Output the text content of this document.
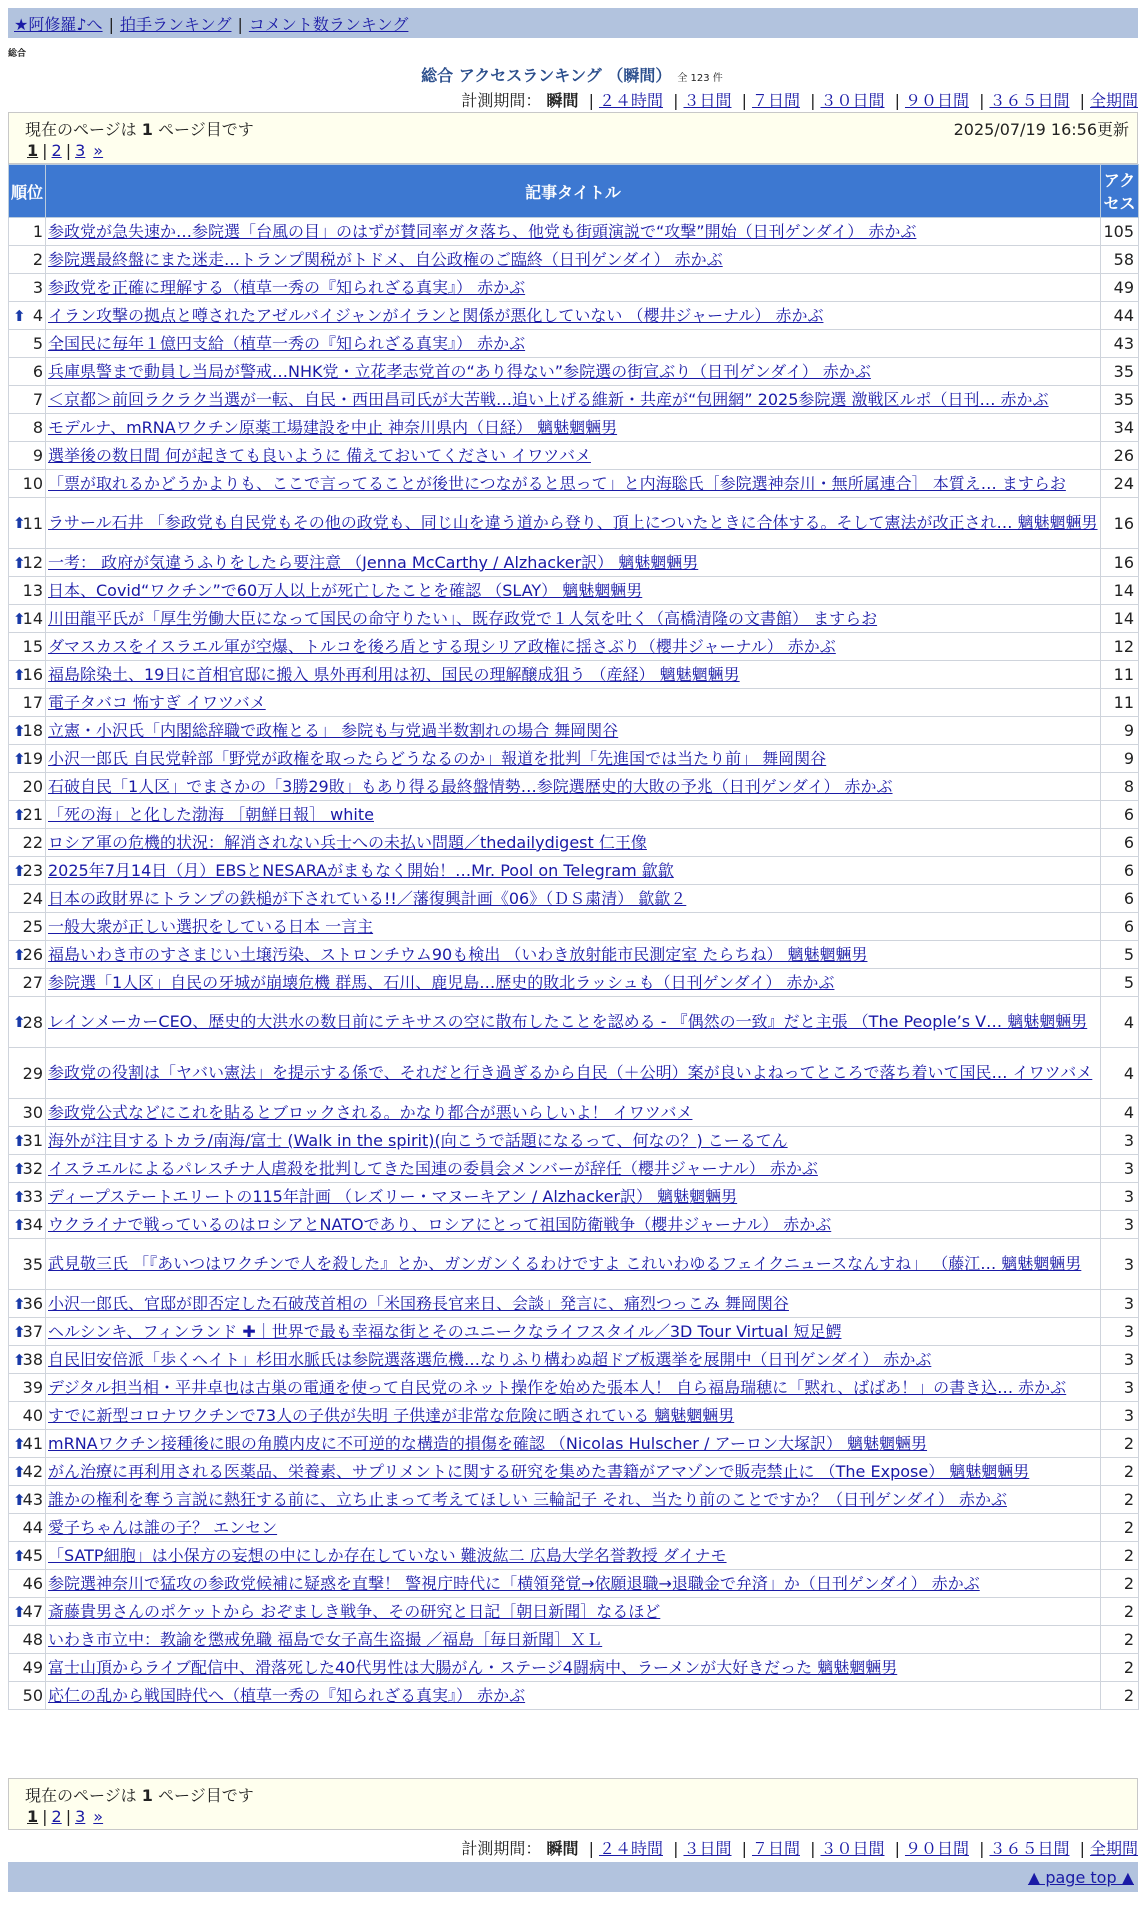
★阿修羅♪へ | 拍手ランキング | コメント数ランキング
総合
総合 アクセスランキング （瞬間） 全 123 件
計測期間： 瞬間 | ２４時間 | ３日間 | ７日間 | ３０日間 | ９０日間 | ３６５日間 | 全期間
現在のページは 1 ページ目です	2025/07/19 16:56更新
1 | 2 | 3 »
順位	記事タイトル	アクセス
1	参政党が急失速か…参院選「台風の目」のはずが賛同率ガタ落ち、他党も街頭演説で“攻撃”開始（日刊ゲンダイ） 赤かぶ	105
2	参院選最終盤にまた迷走…トランプ関税がトドメ、自公政権のご臨終（日刊ゲンダイ） 赤かぶ	58
3	参政党を正確に理解する（植草一秀の『知られざる真実』） 赤かぶ	49

⬆ 4	イラン攻撃の拠点と噂されたアゼルバイジャンがイランと関係が悪化していない （櫻井ジャーナル） 赤かぶ	44
5	全国民に毎年１億円支給（植草一秀の『知られざる真実』） 赤かぶ	43
6	兵庫県警まで動員し当局が警戒…NHK党・立花孝志党首の“あり得ない”参院選の街宣ぶり（日刊ゲンダイ） 赤かぶ	35
7	＜京都＞前回ラクラク当選が一転、自民・西田昌司氏が大苦戦…追い上げる維新・共産が“包囲網” 2025参院選 激戦区ルポ（日刊… 赤かぶ	35
8	モデルナ、mRNAワクチン原薬工場建設を中止 神奈川県内（日経） 魑魅魍魎男	34
9	選挙後の数日間 何が起きても良いように 備えておいてください イワツバメ	26
10	「票が取れるかどうかよりも、ここで言ってることが後世につながると思って」と内海聡氏［参院選神奈川・無所属連合］ 本質え… ますらお	24

⬆
11	ラサール石井 「参政党も自民党もその他の政党も、同じ山を違う道から登り、頂上についたときに合体する。そして憲法が改正され… 魑魅魍魎男	16

⬆
12	一考： 政府が気違うふりをしたら要注意 （Jenna McCarthy / Alzhacker訳） 魑魅魍魎男	16
13	日本、Covid“ワクチン”で60万人以上が死亡したことを確認 （SLAY） 魑魅魍魎男	14

⬆
14	川田龍平氏が「厚生労働大臣になって国民の命守りたい」、既存政党で１人気を吐く（高橋清隆の文書館） ますらお	14
15	ダマスカスをイスラエル軍が空爆、トルコを後ろ盾とする現シリア政権に揺さぶり（櫻井ジャーナル） 赤かぶ	12

⬆
16	福島除染土、19日に首相官邸に搬入 県外再利用は初、国民の理解醸成狙う （産経） 魑魅魍魎男	11
17	電子タバコ 怖すぎ イワツバメ	11

⬆
18	立憲・小沢氏「内閣総辞職で政権とる」 参院も与党過半数割れの場合 舞岡関谷	9

⬆
19	小沢一郎氏 自民党幹部「野党が政権を取ったらどうなるのか」報道を批判「先進国では当たり前」 舞岡関谷	9
20	石破自民「1人区」でまさかの「3勝29敗」もあり得る最終盤情勢…参院選歴史的大敗の予兆（日刊ゲンダイ） 赤かぶ	8

⬆
21	「死の海」と化した渤海 ［朝鮮日報］ white	6
22	ロシア軍の危機的状況：解消されない兵士への未払い問題／thedailydigest 仁王像	6

⬆
23	2025年7月14日（月）EBSとNESARAがまもなく開始！…Mr. Pool on Telegram 歙歙	6
24	日本の政財界にトランプの鉄槌が下されている!!／藩復興計画《06》（ＤＳ粛清） 歙歙２	6
25	一般大衆が正しい選択をしている日本 一言主	6

⬆
26	福島いわき市のすさまじい土壌汚染、ストロンチウム90も検出 （いわき放射能市民測定室 たらちね） 魑魅魍魎男	5
27	参院選「1人区」自民の牙城が崩壊危機 群馬、石川、鹿児島…歴史的敗北ラッシュも（日刊ゲンダイ） 赤かぶ	5

⬆
28	レインメーカーCEO、歴史的大洪水の数日前にテキサスの空に散布したことを認める - 『偶然の一致』だと主張 （The People’s V… 魑魅魍魎男	4
29	参政党の役割は「ヤバい憲法」を提示する係で、それだと行き過ぎるから自民（＋公明）案が良いよねってところで落ち着いて国民… イワツバメ	4
30	参政党公式などにこれを貼るとブロックされる。かなり都合が悪いらしいよ！ イワツバメ	4

⬆
31	海外が注目するトカラ/南海/富士 (Walk in the spirit)(向こうで話題になるって、何なの？) こーるてん	3

⬆
32	イスラエルによるパレスチナ人虐殺を批判してきた国連の委員会メンバーが辞任（櫻井ジャーナル） 赤かぶ	3

⬆
33	ディープステートエリートの115年計画 （レズリー・マヌーキアン / Alzhacker訳） 魑魅魍魎男	3

⬆
34	ウクライナで戦っているのはロシアとNATOであり、ロシアにとって祖国防衛戦争（櫻井ジャーナル） 赤かぶ	3
35	武見敬三氏 「『あいつはワクチンで人を殺した』とか、ガンガンくるわけですよ これいわゆるフェイクニュースなんすね」 （藤江… 魑魅魍魎男	3

⬆
36	小沢一郎氏、官邸が即否定した石破茂首相の「米国務長官来日、会談」発言に、痛烈つっこみ 舞岡関谷	3

⬆
37	ヘルシンキ、フィンランド ✚｜世界で最も幸福な街とそのユニークなライフスタイル／3D Tour Virtual 短足鰐	3

⬆
38	自民旧安倍派「歩くヘイト」杉田水脈氏は参院選落選危機…なりふり構わぬ超ドブ板選挙を展開中（日刊ゲンダイ） 赤かぶ	3
39	デジタル担当相・平井卓也は古巣の電通を使って自民党のネット操作を始めた張本人！ 自ら福島瑞穂に「黙れ、ばばあ！」の書き込… 赤かぶ	3
40	すでに新型コロナワクチンで73人の子供が失明 子供達が非常な危険に晒されている 魑魅魍魎男	3

⬆
41	mRNAワクチン接種後に眼の角膜内皮に不可逆的な構造的損傷を確認 （Nicolas Hulscher / アーロン大塚訳） 魑魅魍魎男	2

⬆
42	がん治療に再利用される医薬品、栄養素、サプリメントに関する研究を集めた書籍がアマゾンで販売禁止に （The Expose） 魑魅魍魎男	2

⬆
43	誰かの権利を奪う言説に熱狂する前に、立ち止まって考えてほしい 三輪記子 それ、当たり前のことですか？（日刊ゲンダイ） 赤かぶ	2
44	愛子ちゃんは誰の子？ エンセン	2

⬆
45	「SATP細胞」は小保方の妄想の中にしか存在していない 難波紘二 広島大学名誉教授 ダイナモ	2
46	参院選神奈川で猛攻の参政党候補に疑惑を直撃！ 警視庁時代に「横領発覚→依願退職→退職金で弁済」か（日刊ゲンダイ） 赤かぶ	2

⬆
47	斎藤貴男さんのポケットから おぞましき戦争、その研究と日記［朝日新聞］なるほど	2
48	いわき市立中：教諭を懲戒免職 福島で女子高生盗撮 ／福島［毎日新聞］ＸＬ	2
49	富士山頂からライブ配信中、滑落死した40代男性は大腸がん・ステージ4闘病中、ラーメンが大好きだった 魑魅魍魎男	2
50	応仁の乱から戦国時代へ（植草一秀の『知られざる真実』） 赤かぶ	2
現在のページは 1 ページ目です
1 | 2 | 3 »
計測期間： 瞬間 | ２４時間 | ３日間 | ７日間 | ３０日間 | ９０日間 | ３６５日間 | 全期間
▲ page top ▲
